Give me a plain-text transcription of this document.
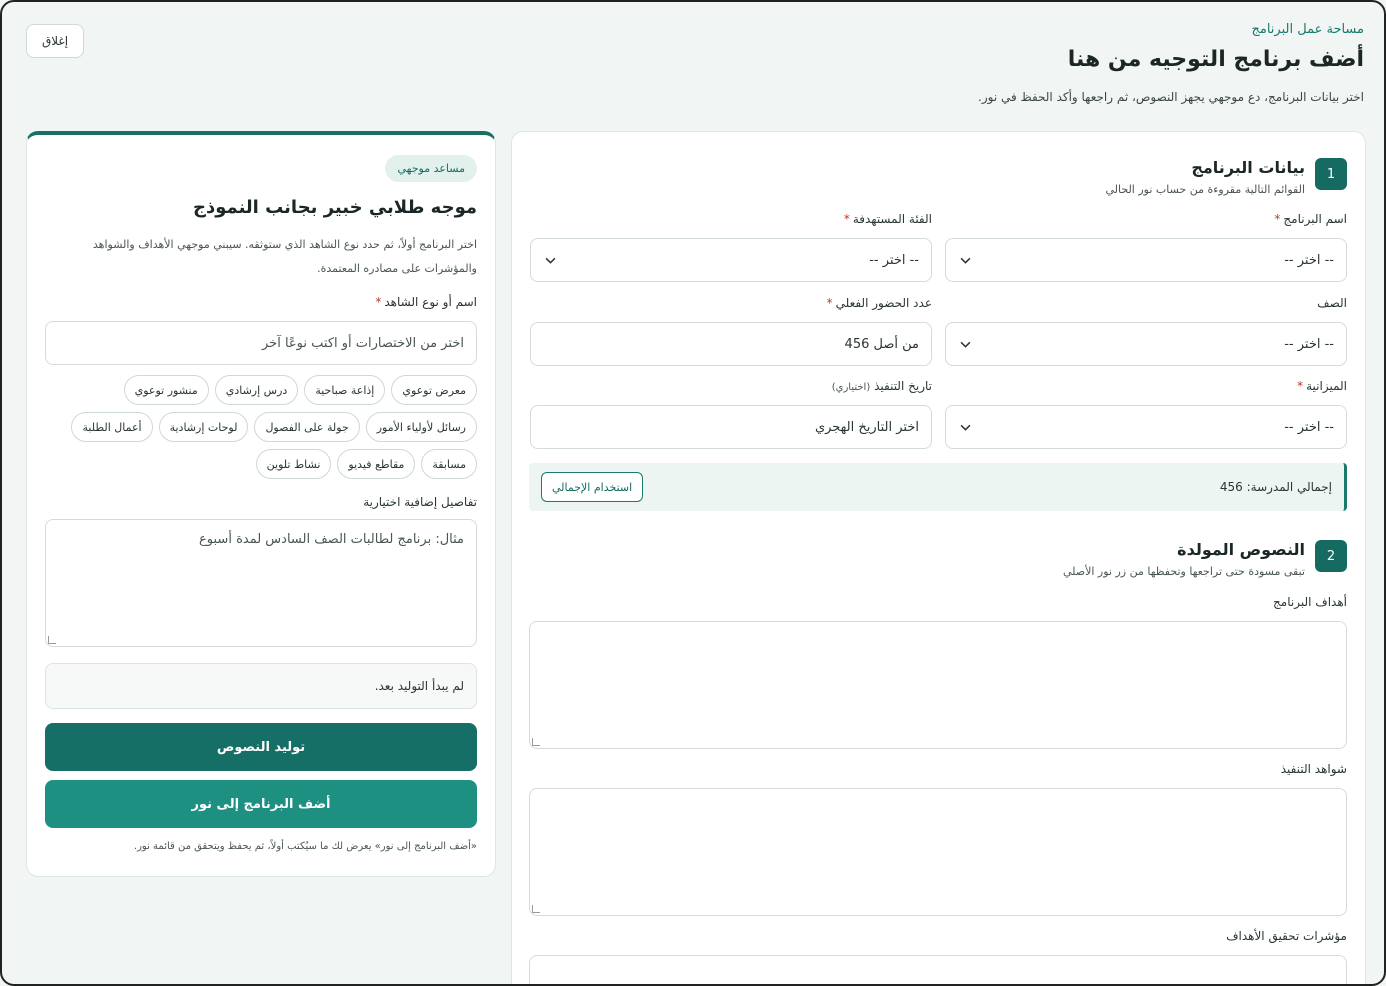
مساحة عمل البرنامج
أضف برنامج التوجيه من هنا
اختر بيانات البرنامج، دع موجهي يجهز النصوص، ثم راجعها وأكد الحفظ في نور.
إغلاق
1
بيانات البرنامج
القوائم التالية مقروءة من حساب نور الحالي
اسم البرنامج*
الفئة المستهدفة*
-- اختر --
-- اختر --
الصف
عدد الحضور الفعلي*
-- اختر --
من أصل 456
الميزانية*
تاريخ التنفيذ (اختياري)
-- اختر --
اختر التاريخ الهجري
إجمالي المدرسة: 456
استخدام الإجمالي
2
النصوص المولدة
تبقى مسودة حتى تراجعها وتحفظها من زر نور الأصلي
أهداف البرنامج
شواهد التنفيذ
مؤشرات تحقيق الأهداف
مساعد موجهي
موجه طلابي خبير بجانب النموذج
اختر البرنامج أولاً، ثم حدد نوع الشاهد الذي ستوثقه. سيبني موجهي الأهداف والشواهد والمؤشرات على مصادره المعتمدة.
اسم أو نوع الشاهد*
اختر من الاختصارات أو اكتب نوعًا آخر
معرض توعوي
إذاعة صباحية
درس إرشادي
منشور توعوي
رسائل لأولياء الأمور
جولة على الفصول
لوحات إرشادية
أعمال الطلبة
مسابقة
مقاطع فيديو
نشاط تلوين
تفاصيل إضافية اختيارية
مثال: برنامج لطالبات الصف السادس لمدة أسبوع
لم يبدأ التوليد بعد.
توليد النصوص
أضف البرنامج إلى نور
«أضف البرنامج إلى نور» يعرض لك ما سيُكتب أولاً، ثم يحفظ ويتحقق من قائمة نور.
